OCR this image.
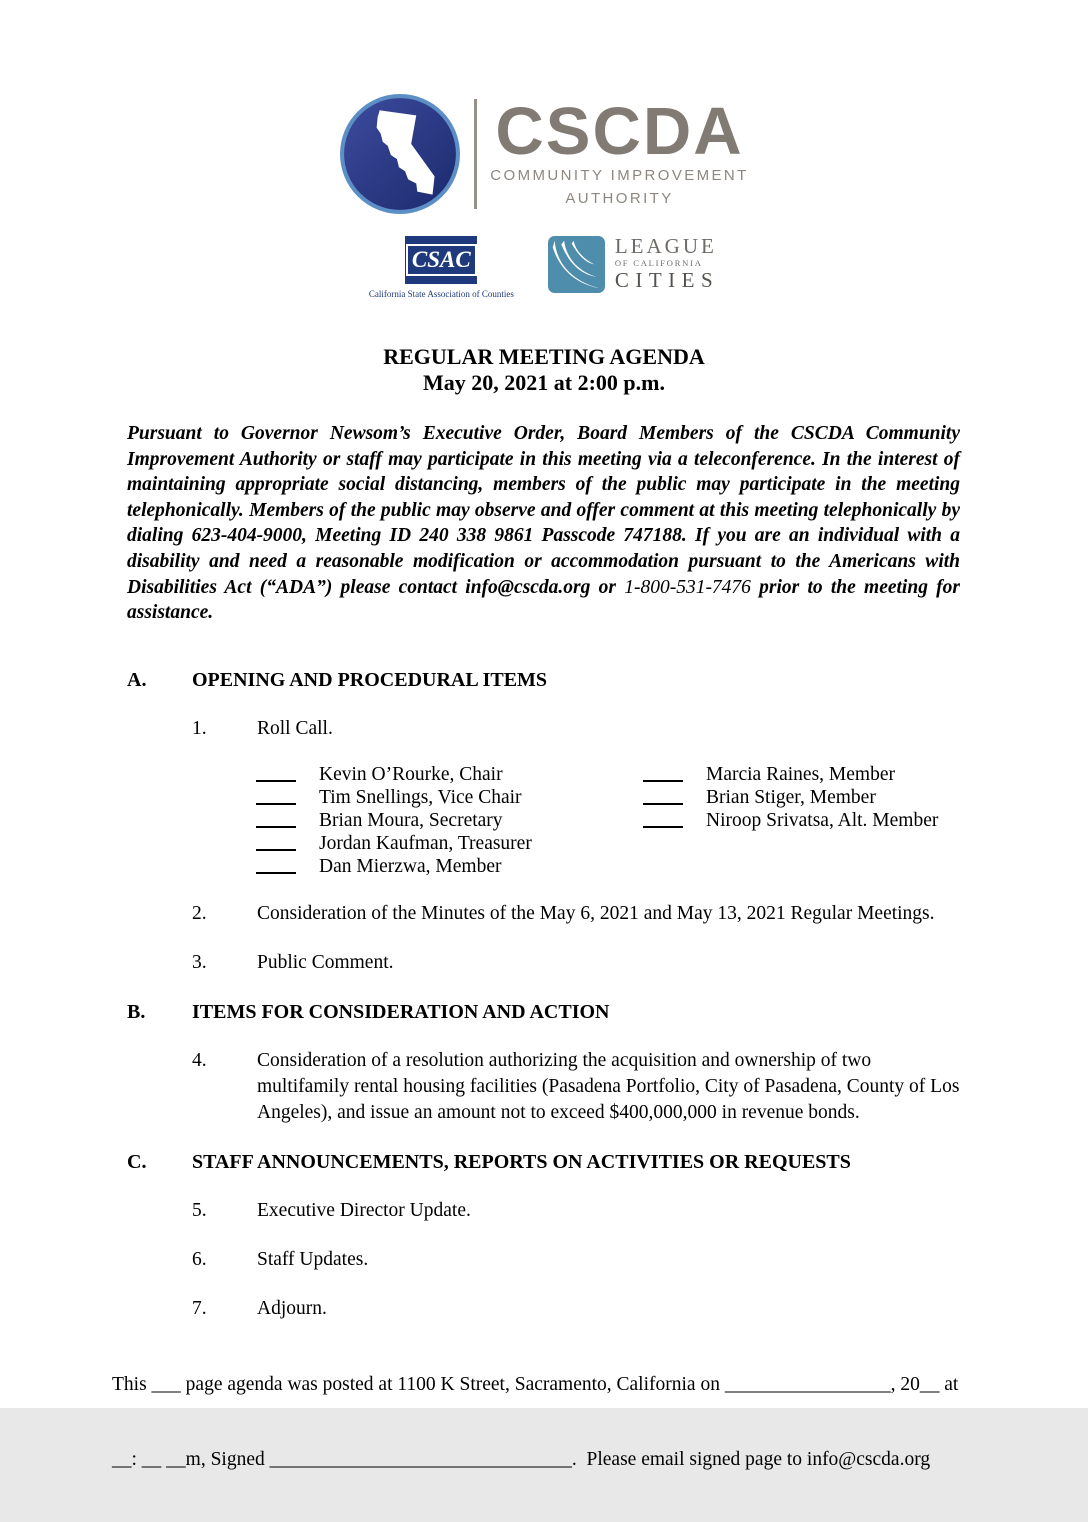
CSCDA
COMMUNITY IMPROVEMENT
AUTHORITY
CSAC
California State Association of Counties
LEAGUE
OF CALIFORNIA
CITIES
REGULAR MEETING AGENDA
May 20, 2021 at 2:00 p.m.

Pursuant to Governor Newsom’s Executive Order, Board Members of the CSCDA Community Improvement Authority or staff may participate in this meeting via a teleconference. In the interest of maintaining appropriate social distancing, members of the public may participate in the meeting telephonically. Members of the public may observe and offer comment at this meeting telephonically by dialing 623-404-9000, Meeting ID 240 338 9861 Passcode 747188. If you are an individual with a disability and need a reasonable modification or accommodation pursuant to the Americans with Disabilities Act (“ADA”) please contact info@cscda.org or 1-800-531-7476 prior to the meeting for assistance.

A.	OPENING AND PROCEDURAL ITEMS
1.	Roll Call.
Kevin O’Rourke, Chair
Tim Snellings, Vice Chair
Brian Moura, Secretary
Jordan Kaufman, Treasurer
Dan Mierzwa, Member
Marcia Raines, Member
Brian Stiger, Member
Niroop Srivatsa, Alt. Member
2.	Consideration of the Minutes of the May 6, 2021 and May 13, 2021 Regular Meetings.
3.	Public Comment.
B.	ITEMS FOR CONSIDERATION AND ACTION
4.	Consideration of a resolution authorizing the acquisition and ownership of two multifamily rental housing facilities (Pasadena Portfolio, City of Pasadena, County of Los Angeles), and issue an amount not to exceed $400,000,000 in revenue bonds.
C.	STAFF ANNOUNCEMENTS, REPORTS ON ACTIVITIES OR REQUESTS
5.	Executive Director Update.
6.	Staff Updates.
7.	Adjourn.

This ___ page agenda was posted at 1100 K Street, Sacramento, California on _________________, 20__ at

__: __ __m, Signed _______________________________.  Please email signed page to info@cscda.org
